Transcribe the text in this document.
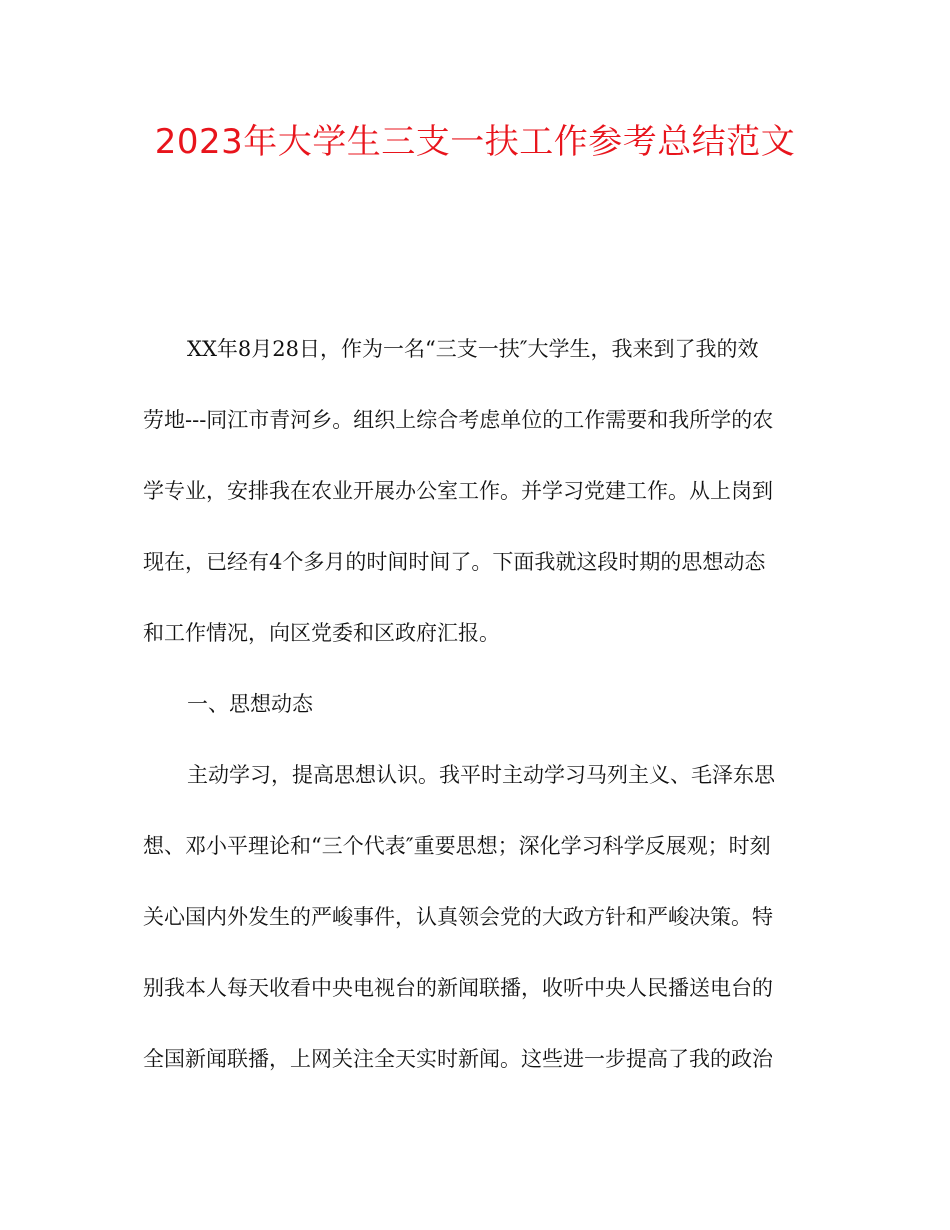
2023年大学生三支一扶工作参考总结范文
XX年8月28日，作为一名“三支一扶″大学生，我来到了我的效
劳地---同江市青河乡。组织上综合考虑单位的工作需要和我所学的农
学专业，安排我在农业开展办公室工作。并学习党建工作。从上岗到
现在，已经有4个多月的时间时间了。下面我就这段时期的思想动态
和工作情况，向区党委和区政府汇报。
一、思想动态
主动学习，提高思想认识。我平时主动学习马列主义、毛泽东思
想、邓小平理论和“三个代表″重要思想；深化学习科学反展观；时刻
关心国内外发生的严峻事件，认真领会党的大政方针和严峻决策。特
别我本人每天收看中央电视台的新闻联播，收听中央人民播送电台的
全国新闻联播，上网关注全天实时新闻。这些进一步提高了我的政治
